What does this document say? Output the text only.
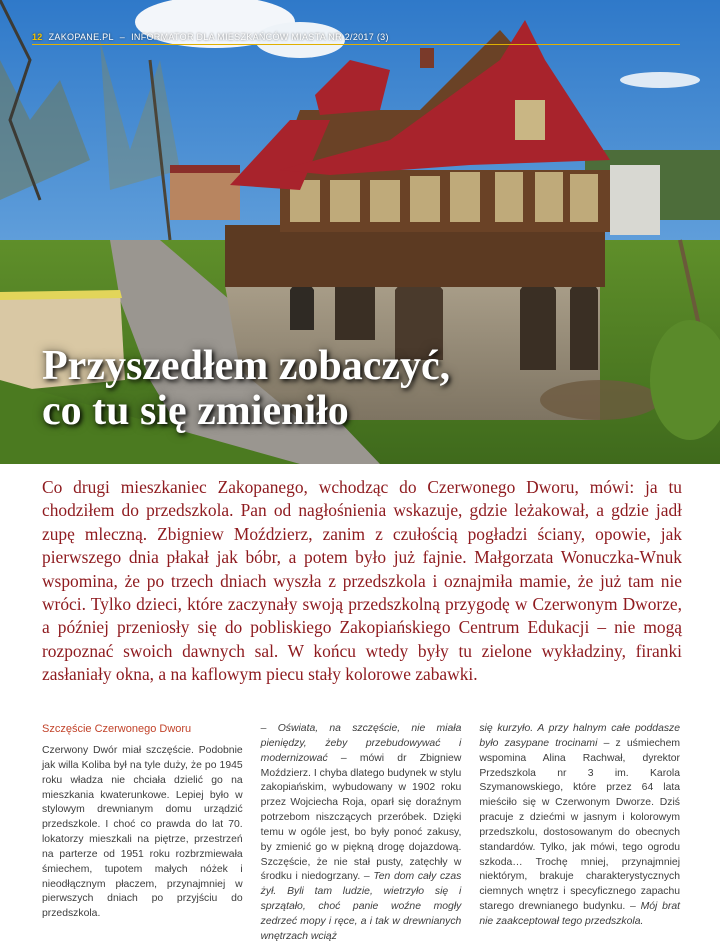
12 ZAKOPANE.PL – INFORMATOR DLA MIESZKAŃCÓW MIASTA NR 2/2017 (3)
Przyszedłem zobaczyć,
co tu się zmieniło

Co drugi mieszkaniec Zakopanego, wchodząc do Czerwonego Dworu, mówi: ja tu chodziłem do przedszkola. Pan od nagłośnienia wskazuje, gdzie leżakował, a gdzie jadł zupę mleczną. Zbigniew Moździerz, zanim z czułością pogładzi ściany, opowie, jak pierwszego dnia płakał jak bóbr, a potem było już fajnie. Małgorzata Wonuczka-Wnuk wspomina, że po trzech dniach wyszła z przedszkola i oznajmiła mamie, że już tam nie wróci. Tylko dzieci, które zaczynały swoją przedszkolną przygodę w Czerwonym Dworze, a później przeniosły się do pobliskiego Zakopiańskiego Centrum Edukacji – nie mogą rozpoznać swoich dawnych sal. W końcu wtedy były tu zielone wykładziny, firanki zasłaniały okna, a na kaflowym piecu stały kolorowe zabawki.

Szczęście Czerwonego Dworu

Czerwony Dwór miał szczęście. Podobnie jak willa Koliba był na tyle duży, że po 1945 roku władza nie chciała dzielić go na mieszkania kwaterunkowe. Lepiej było w stylowym drewnianym domu urządzić przedszkole. I choć co prawda do lat 70. lokatorzy mieszkali na piętrze, przestrzeń na parterze od 1951 roku rozbrzmiewała śmiechem, tupotem małych nóżek i nieodłącznym płaczem, przynajmniej w pierwszych dniach po przyjściu do przedszkola.

– Oświata, na szczęście, nie miała pieniędzy, żeby przebudowywać i modernizować – mówi dr Zbigniew Moździerz. I chyba dlatego budynek w stylu zakopiańskim, wybudowany w 1902 roku przez Wojciecha Roja, oparł się doraźnym potrzebom niszczących przeróbek. Dzięki temu w ogóle jest, bo były ponoć zakusy, by zmienić go w piękną drogę dojazdową. Szczęście, że nie stał pusty, zatęchły w środku i niedogrzany. – Ten dom cały czas żył. Byli tam ludzie, wietrzyło się i sprzątało, choć panie woźne mogły zedrzeć mopy i ręce, a i tak w drewnianych wnętrzach wciąż

się kurzyło. A przy halnym całe poddasze było zasypane trocinami – z uśmiechem wspomina Alina Rachwał, dyrektor Przedszkola nr 3 im. Karola Szymanowskiego, które przez 64 lata mieściło się w Czerwonym Dworze. Dziś pracuje z dziećmi w jasnym i kolorowym przedszkolu, dostosowanym do obecnych standardów. Tylko, jak mówi, tego ogrodu szkoda… Trochę mniej, przynajmniej niektórym, brakuje charakterystycznych ciemnych wnętrz i specyficznego zapachu starego drewnianego budynku. – Mój brat nie zaakceptował tego przedszkola.
